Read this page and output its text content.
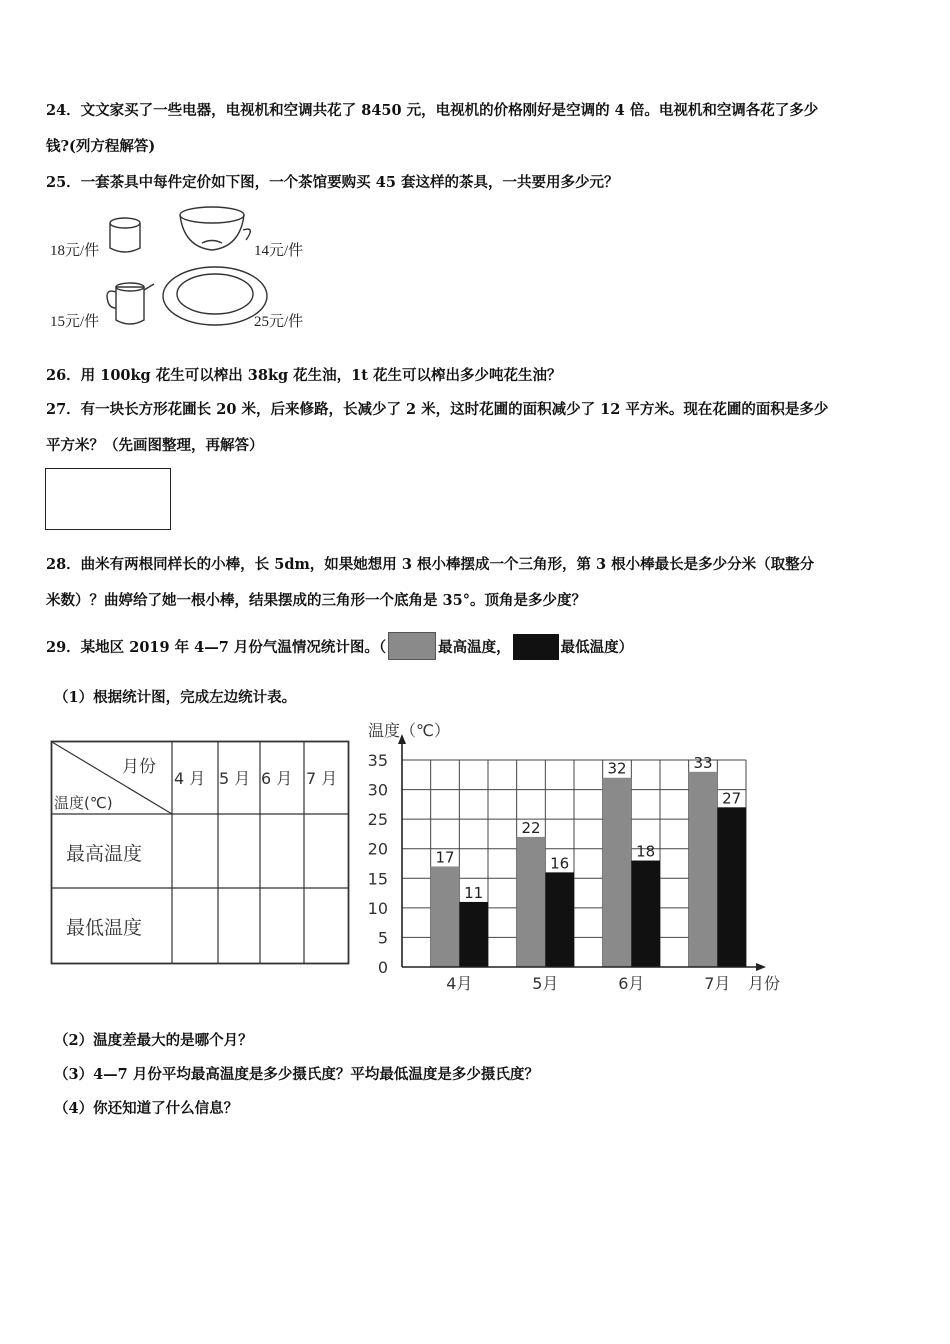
24．文文家买了一些电器，电视机和空调共花了 8450 元，电视机的价格刚好是空调的 4 倍。电视机和空调各花了多少

钱?(列方程解答)

25．一套茶具中每件定价如下图，一个茶馆要购买 45 套这样的茶具，一共要用多少元？

18元/件	14元/件
15元/件	25元/件

26．用 100kg 花生可以榨出 38kg 花生油，1t 花生可以榨出多少吨花生油？

27．有一块长方形花圃长 20 米，后来修路，长减少了 2 米，这时花圃的面积减少了 12 平方米。现在花圃的面积是多少

平方米？（先画图整理，再解答）

28．曲米有两根同样长的小棒，长 5dm，如果她想用 3 根小棒摆成一个三角形，第 3 根小棒最长是多少分米（取整分

米数）？曲婷给了她一根小棒，结果摆成的三角形一个底角是 35°。顶角是多少度？

29．某地区 2019 年 4—7 月份气温情况统计图。（	最高温度，	最低温度）
（1）根据统计图，完成左边统计表。
月份
温度(℃)
4 月 5 月 6 月 7 月
最高温度
最低温度
0
5
10
15
20
25
30
35
17
11
4月
22
16
5月
32
18
6月
33
27
7月
温度（℃）
月份
（2）温度差最大的是哪个月？
（3）4—7 月份平均最高温度是多少摄氏度？平均最低温度是多少摄氏度？
（4）你还知道了什么信息？
